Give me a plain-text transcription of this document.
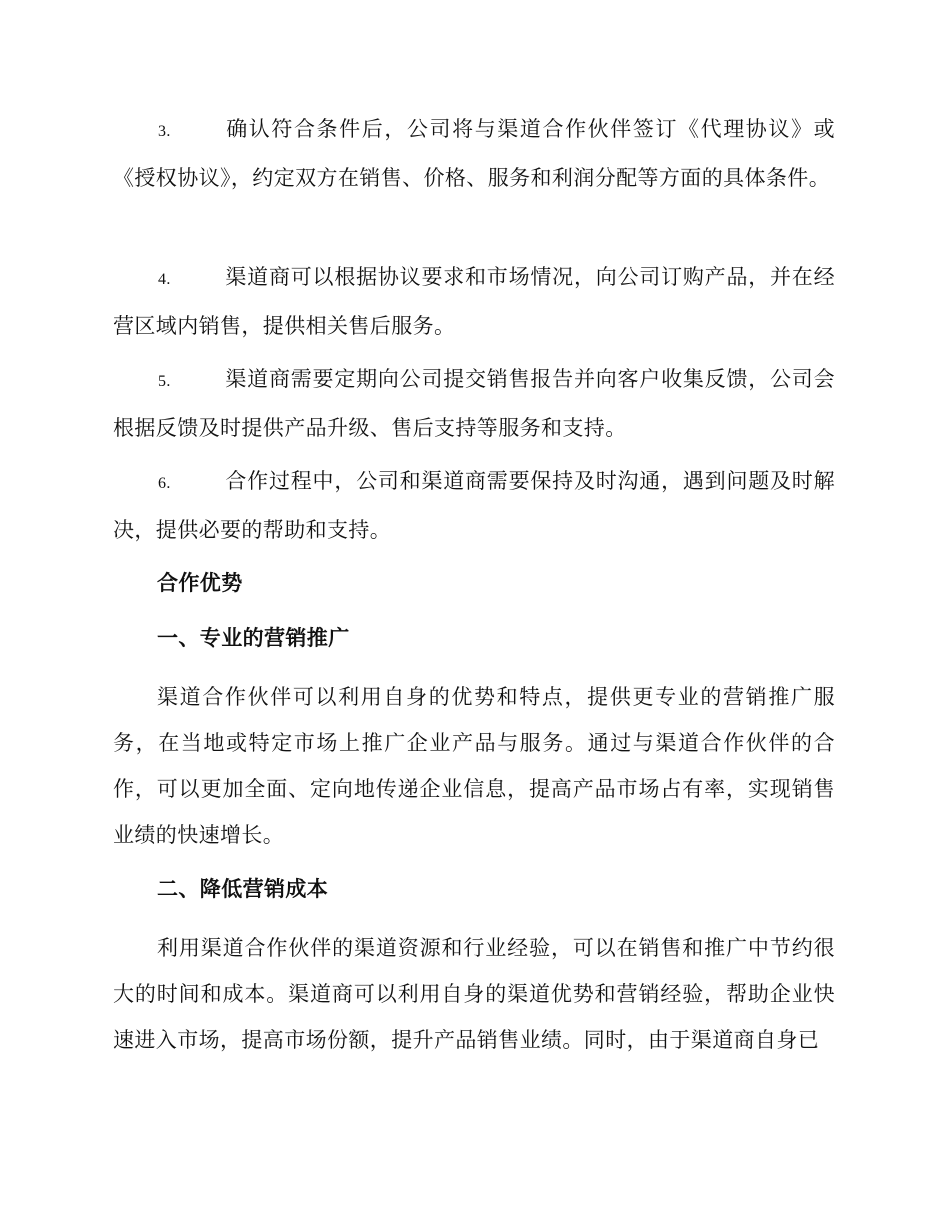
3.	确认符合条件后，公司将与渠道合作伙伴签订《代理协议》或《授权协议》，约定双方在销售、价格、服务和利润分配等方面的具体条件。

4.	渠道商可以根据协议要求和市场情况，向公司订购产品，并在经营区域内销售，提供相关售后服务。

5.	渠道商需要定期向公司提交销售报告并向客户收集反馈，公司会根据反馈及时提供产品升级、售后支持等服务和支持。

6.	合作过程中，公司和渠道商需要保持及时沟通，遇到问题及时解决，提供必要的帮助和支持。

合作优势
一、专业的营销推广

渠道合作伙伴可以利用自身的优势和特点，提供更专业的营销推广服务，在当地或特定市场上推广企业产品与服务。通过与渠道合作伙伴的合作，可以更加全面、定向地传递企业信息，提高产品市场占有率，实现销售业绩的快速增长。

二、降低营销成本

利用渠道合作伙伴的渠道资源和行业经验，可以在销售和推广中节约很大的时间和成本。渠道商可以利用自身的渠道优势和营销经验，帮助企业快速进入市场，提高市场份额，提升产品销售业绩。同时，由于渠道商自身已
